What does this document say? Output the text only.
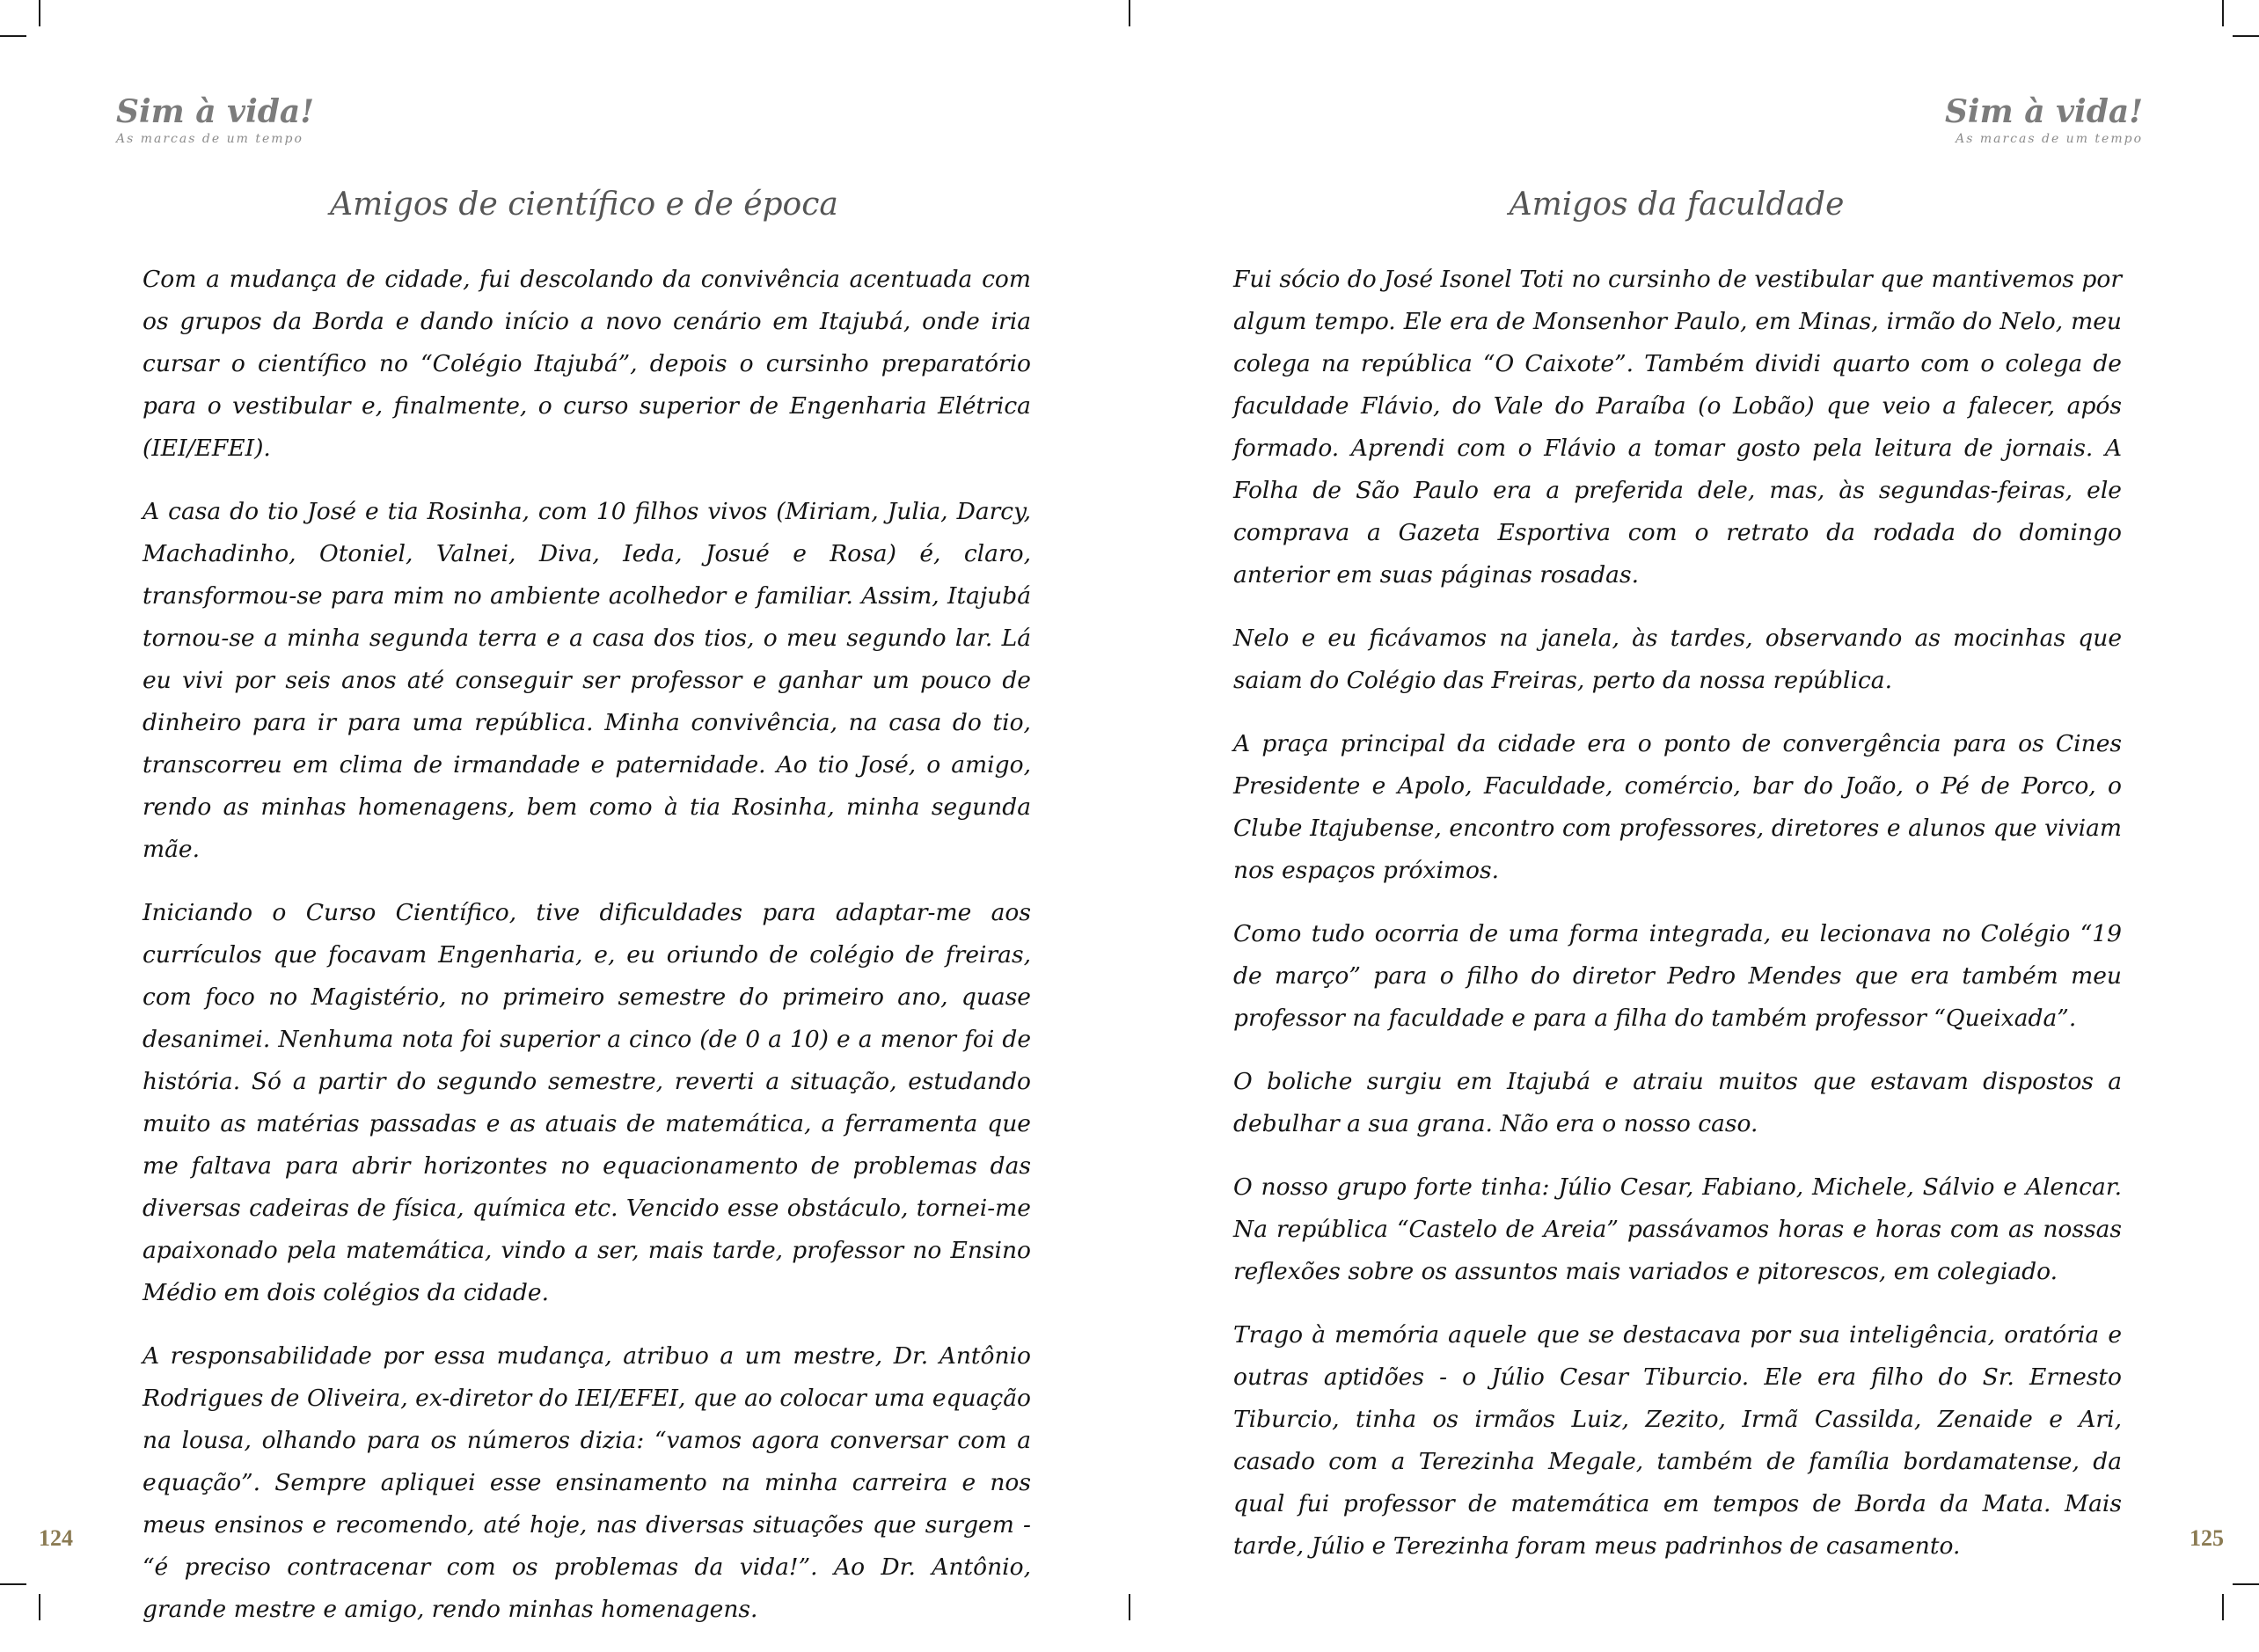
Sim à vida!
As marcas de um tempo
Amigos de científico e de época

Com a mudança de cidade, fui descolando da convivência acentuada com os grupos da Borda e dando início a novo cenário em Itajubá, onde iria cursar o científico no “Colégio Itajubá”, depois o cursinho preparatório para o vestibular e, finalmente, o curso superior de Engenharia Elétrica (IEI/EFEI).

A casa do tio José e tia Rosinha, com 10 filhos vivos (Miriam, Julia, Darcy, Machadinho, Otoniel, Valnei, Diva, Ieda, Josué e Rosa) é, claro, transformou-se para mim no ambiente acolhedor e familiar. Assim, Itajubá tornou-se a minha segunda terra e a casa dos tios, o meu segundo lar. Lá eu vivi por seis anos até conseguir ser professor e ganhar um pouco de dinheiro para ir para uma república. Minha convivência, na casa do tio, transcorreu em clima de irmandade e paternidade. Ao tio José, o amigo, rendo as minhas homenagens, bem como à tia Rosinha, minha segunda mãe.

Iniciando o Curso Científico, tive dificuldades para adaptar-me aos currículos que focavam Engenharia, e, eu oriundo de colégio de freiras, com foco no Magistério, no primeiro semestre do primeiro ano, quase desanimei. Nenhuma nota foi superior a cinco (de 0 a 10) e a menor foi de história. Só a partir do segundo semestre, reverti a situação, estudando muito as matérias passadas e as atuais de matemática, a ferramenta que me faltava para abrir horizontes no equacionamento de problemas das diversas cadeiras de física, química etc. Vencido esse obstáculo, tornei-me apaixonado pela matemática, vindo a ser, mais tarde, professor no Ensino Médio em dois colégios da cidade.

A responsabilidade por essa mudança, atribuo a um mestre, Dr. Antônio Rodrigues de Oliveira, ex-diretor do IEI/EFEI, que ao colocar uma equação na lousa, olhando para os números dizia: “vamos agora conversar com a equação”. Sempre apliquei esse ensinamento na minha carreira e nos meus ensinos e recomendo, até hoje, nas diversas situações que surgem - “é preciso contracenar com os problemas da vida!”. Ao Dr. Antônio, grande mestre e amigo, rendo minhas homenagens.

124
Sim à vida!
As marcas de um tempo
Amigos da faculdade

Fui sócio do José Isonel Toti no cursinho de vestibular que mantivemos por algum tempo. Ele era de Monsenhor Paulo, em Minas, irmão do Nelo, meu colega na república “O Caixote”. Também dividi quarto com o colega de faculdade Flávio, do Vale do Paraíba (o Lobão) que veio a falecer, após formado. Aprendi com o Flávio a tomar gosto pela leitura de jornais. A Folha de São Paulo era a preferida dele, mas, às segundas-feiras, ele comprava a Gazeta Esportiva com o retrato da rodada do domingo anterior em suas páginas rosadas.

Nelo e eu ficávamos na janela, às tardes, observando as mocinhas que saiam do Colégio das Freiras, perto da nossa república.

A praça principal da cidade era o ponto de convergência para os Cines Presidente e Apolo, Faculdade, comércio, bar do João, o Pé de Porco, o Clube Itajubense, encontro com professores, diretores e alunos que viviam nos espaços próximos.

Como tudo ocorria de uma forma integrada, eu lecionava no Colégio “19 de março” para o filho do diretor Pedro Mendes que era também meu professor na faculdade e para a filha do também professor “Queixada”.

O boliche surgiu em Itajubá e atraiu muitos que estavam dispostos a debulhar a sua grana. Não era o nosso caso.

O nosso grupo forte tinha: Júlio Cesar, Fabiano, Michele, Sálvio e Alencar. Na república “Castelo de Areia” passávamos horas e horas com as nossas reflexões sobre os assuntos mais variados e pitorescos, em colegiado.

Trago à memória aquele que se destacava por sua inteligência, oratória e outras aptidões - o Júlio Cesar Tiburcio. Ele era filho do Sr. Ernesto Tiburcio, tinha os irmãos Luiz, Zezito, Irmã Cassilda, Zenaide e Ari, casado com a Terezinha Megale, também de família bordamatense, da qual fui professor de matemática em tempos de Borda da Mata. Mais tarde, Júlio e Terezinha foram meus padrinhos de casamento.	125
